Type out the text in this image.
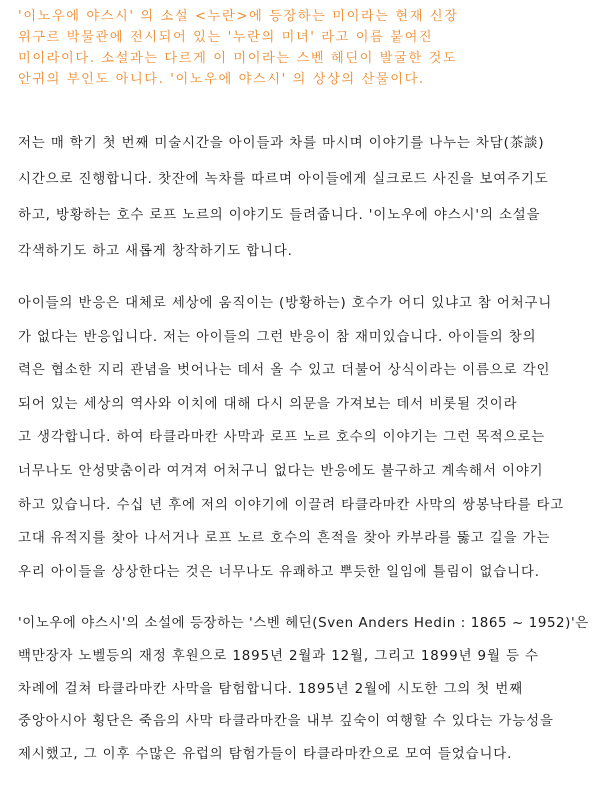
'이노우에 야스시' 의 소설 <누란>에 등장하는 미이라는 현재 신장
위구르 박물관에 전시되어 있는 '누란의 미녀' 라고 이름 붙여진
미이라이다. 소설과는 다르게 이 미이라는 스벤 헤딘이 발굴한 것도
안귀의 부인도 아니다. '이노우에 야스시' 의 상상의 산물이다.
저는 매 학기 첫 번째 미술시간을 아이들과 차를 마시며 이야기를 나누는 차담(茶談)
시간으로 진행합니다. 찻잔에 녹차를 따르며 아이들에게 실크로드 사진을 보여주기도
하고, 방황하는 호수 로프 노르의 이야기도 들려줍니다. '이노우에 야스시'의 소설을
각색하기도 하고 새롭게 창작하기도 합니다.
아이들의 반응은 대체로 세상에 움직이는 (방황하는) 호수가 어디 있냐고 참 어처구니
가 없다는 반응입니다. 저는 아이들의 그런 반응이 참 재미있습니다. 아이들의 창의
력은 협소한 지리 관념을 벗어나는 데서 올 수 있고 더불어 상식이라는 이름으로 각인
되어 있는 세상의 역사와 이치에 대해 다시 의문을 가져보는 데서 비롯될 것이라
고 생각합니다. 하여 타클라마칸 사막과 로프 노르 호수의 이야기는 그런 목적으로는
너무나도 안성맞춤이라 여겨져 어처구니 없다는 반응에도 불구하고 계속해서 이야기
하고 있습니다. 수십 년 후에 저의 이야기에 이끌려 타클라마칸 사막의 쌍봉낙타를 타고
고대 유적지를 찾아 나서거나 로프 노르 호수의 흔적을 찾아 카부라를 뚫고 길을 가는
우리 아이들을 상상한다는 것은 너무나도 유쾌하고 뿌듯한 일임에 틀림이 없습니다.
'이노우에 야스시'의 소설에 등장하는 '스벤 헤딘(Sven Anders Hedin : 1865 ~ 1952)'은
백만장자 노벨등의 재정 후원으로 1895년 2월과 12월, 그리고 1899년 9월 등 수
차례에 걸쳐 타클라마칸 사막을 탐험합니다. 1895년 2월에 시도한 그의 첫 번째
중앙아시아 횡단은 죽음의 사막 타클라마칸을 내부 깊숙이 여행할 수 있다는 가능성을
제시했고, 그 이후 수많은 유럽의 탐험가들이 타클라마칸으로 모여 들었습니다.
